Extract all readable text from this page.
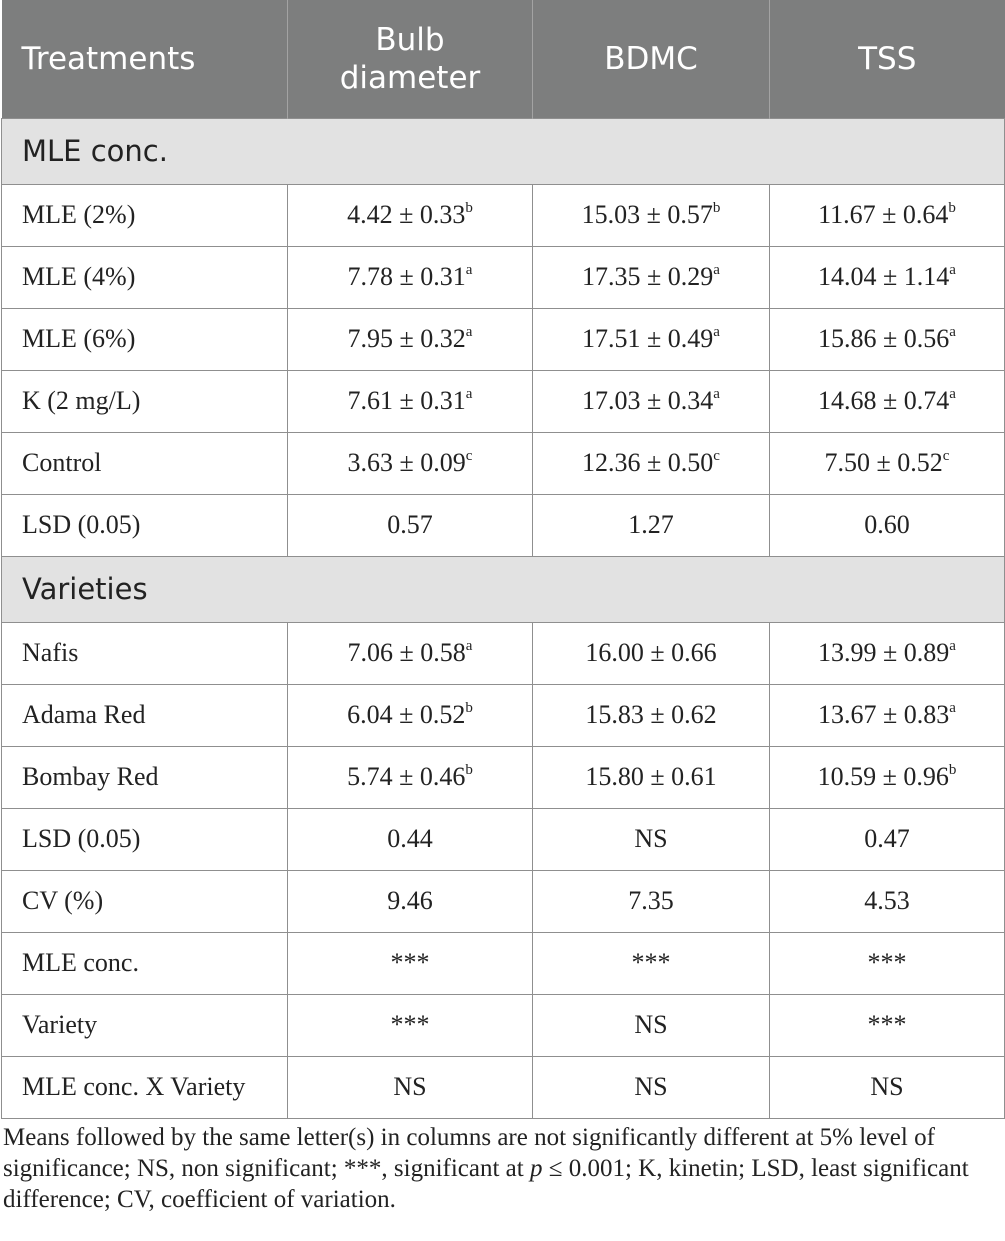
Treatments	Bulb diameter	BDMC	TSS
MLE conc.			
MLE (2%)	4.42 ± 0.33$^b$	15.03 ± 0.57$^b$	11.67 ± 0.64$^b$
MLE (4%)	7.78 ± 0.31$^a$	17.35 ± 0.29$^a$	14.04 ± 1.14$^a$
MLE (6%)	7.95 ± 0.32$^a$	17.51 ± 0.49$^a$	15.86 ± 0.56$^a$
K (2 mg/L)	7.61 ± 0.31$^a$	17.03 ± 0.34$^a$	14.68 ± 0.74$^a$
Control	3.63 ± 0.09$^c$	12.36 ± 0.50$^c$	7.50 ± 0.52$^c$
LSD (0.05)	0.57	1.27	0.60
Varieties			
Nafis	7.06 ± 0.58$^a$	16.00 ± 0.66	13.99 ± 0.89$^a$
Adama Red	6.04 ± 0.52$^b$	15.83 ± 0.62	13.67 ± 0.83$^a$
Bombay Red	5.74 ± 0.46$^b$	15.80 ± 0.61	10.59 ± 0.96$^b$
LSD (0.05)	0.44	NS	0.47
CV (%)	9.46	7.35	4.53
MLE conc.	***	***	***
Variety	***	NS	***
MLE conc. X Variety	NS	NS	NS

Means followed by the same letter(s) in columns are not significantly different at 5% level of significance; NS, non significant; ***, significant at p ≤ 0.001; K, kinetin; LSD, least significant difference; CV, coefficient of variation.
